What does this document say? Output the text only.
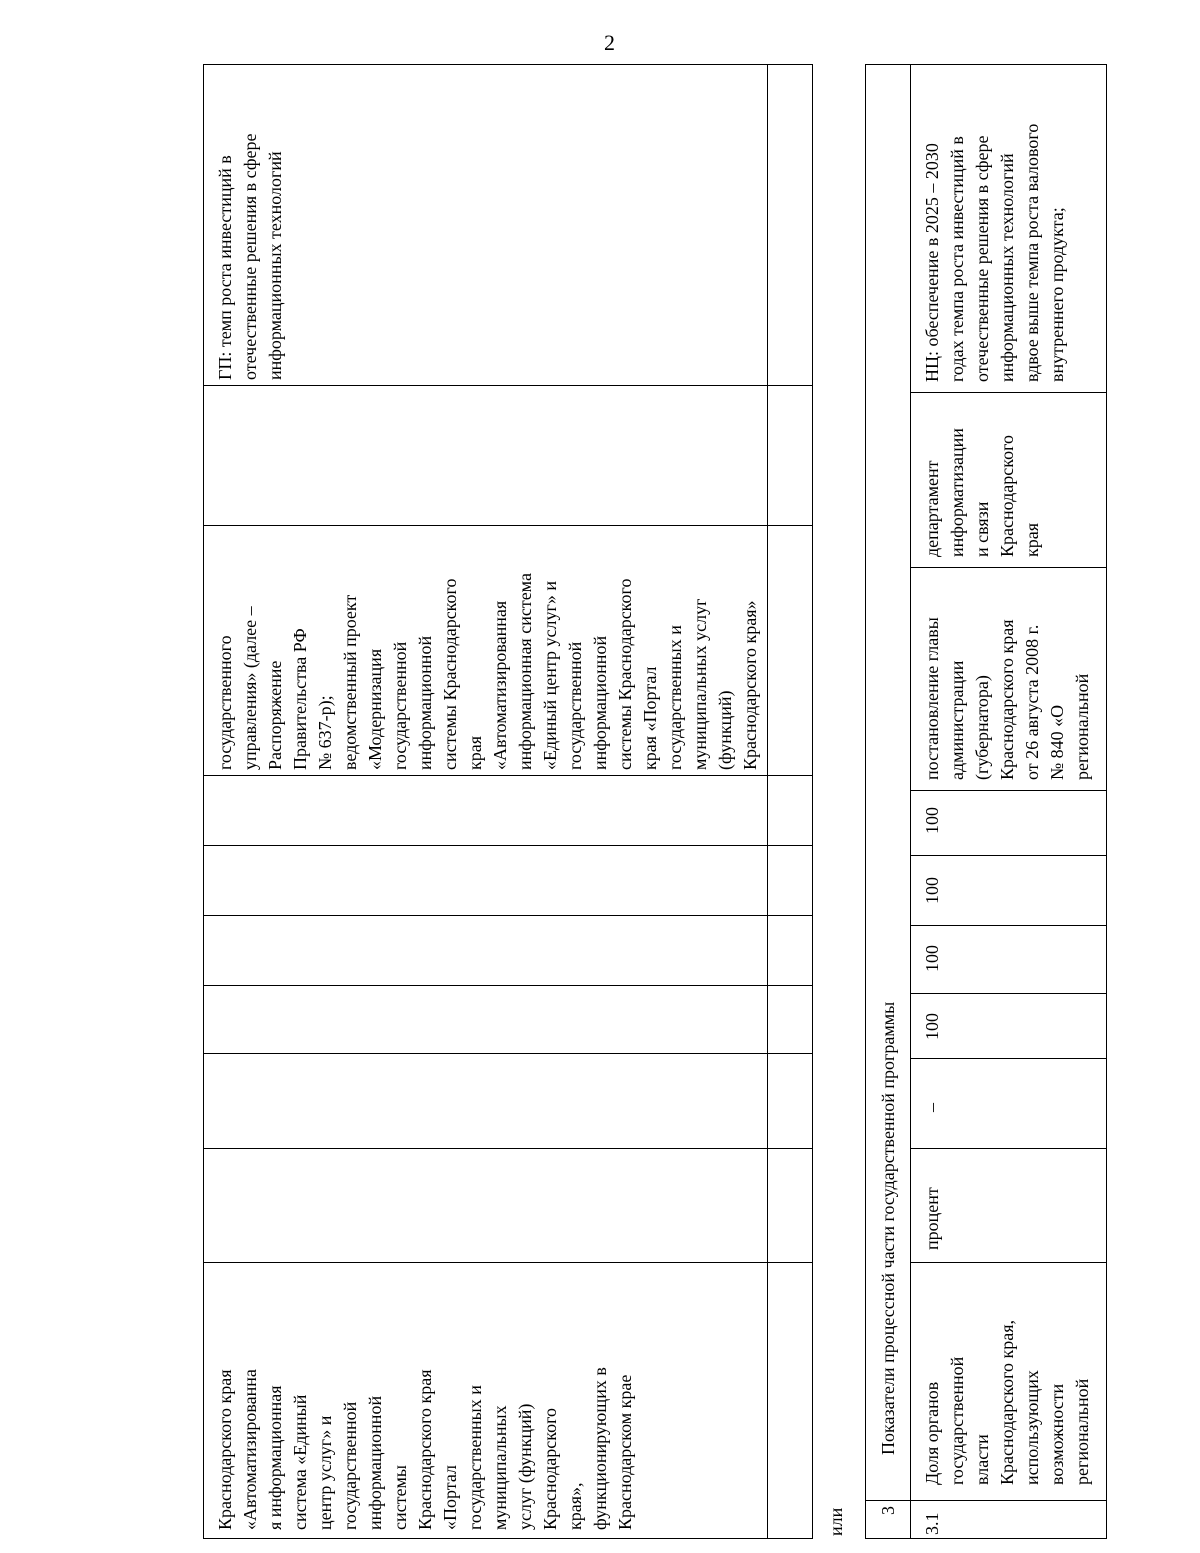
2
Краснодарского края
«Автоматизированна
я информационная
система «Единый
центр услуг» и
государственной
информационной
системы
Краснодарского края
«Портал
государственных и
муниципальных
услуг (функций)
Краснодарского
края»,
функционирующих в
Краснодарском крае
государственного
управления» (далее –
Распоряжение
Правительства РФ
№ 637-р);
ведомственный проект
«Модернизация
государственной
информационной
системы Краснодарского
края
«Автоматизированная
информационная система
«Единый центр услуг» и
государственной
информационной
системы Краснодарского
края «Портал
государственных и
муниципальных услуг
(функций)
Краснодарского края»
ГП: темп роста инвестиций в
отечественные решения в сфере
информационных технологий
или 3
Показатели процессной части государственной программы
3.1
Доля органов
государственной
власти
Краснодарского края,
использующих
возможности
региональной
процент
–
100
100
100
100
постановление главы
администрации
(губернатора)
Краснодарского края
от 26 августа 2008 г.
№ 840 «О
региональной
департамент
информатизации
и связи
Краснодарского
края
НЦ: обеспечение в 2025 – 2030
годах темпа роста инвестиций в
отечественные решения в сфере
информационных технологий
вдвое выше темпа роста валового
внутреннего продукта;
